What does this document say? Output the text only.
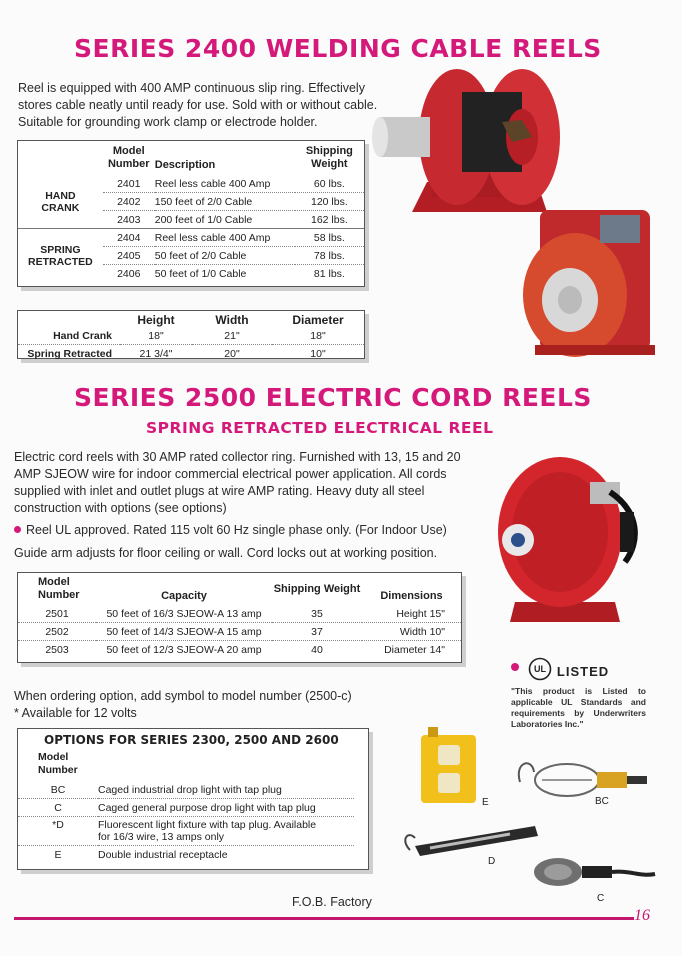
SERIES 2400 WELDING CABLE REELS
Reel is equipped with 400 AMP continuous slip ring. Effectively stores cable neatly until ready for use. Sold with or without cable. Suitable for grounding work clamp or electrode holder.
	Model Number	Description	Shipping Weight
HAND CRANK	2401	Reel less cable 400 Amp	60 lbs.
	2402	150 feet of 2/0 Cable	120 lbs.
	2403	200 feet of 1/0 Cable	162 lbs.
SPRING RETRACTED	2404	Reel less cable 400 Amp	58 lbs.
	2405	50 feet of 2/0 Cable	78 lbs.
	2406	50 feet of 1/0 Cable	81 lbs.
	Height	Width	Diameter
Hand Crank	18"	21"	18"
Spring Retracted	21 3/4"	20"	10"
SERIES 2500 ELECTRIC CORD REELS
SPRING RETRACTED ELECTRICAL REEL
Electric cord reels with 30 AMP rated collector ring. Furnished with 13, 15 and 20 AMP SJEOW wire for indoor commercial electrical power application. All cords supplied with inlet and outlet plugs at wire AMP rating. Heavy duty all steel construction with options (see options)
Reel UL approved. Rated 115 volt 60 Hz single phase only. (For Indoor Use)
Guide arm adjusts for floor ceiling or wall. Cord locks out at working position.
Model Number	Capacity	Shipping Weight	Dimensions
2501	50 feet of 16/3 SJEOW-A 13 amp	35	Height 15"
2502	50 feet of 14/3 SJEOW-A 15 amp	37	Width 10"
2503	50 feet of 12/3 SJEOW-A 20 amp	40	Diameter 14"

UL LISTED
"This product is Listed to applicable UL Standards and requirements by Underwriters Laboratories Inc."
When ordering option, add symbol to model number (2500-c)
* Available for 12 volts
OPTIONS FOR SERIES 2300, 2500 AND 2600
Model Number
BC	Caged industrial drop light with tap plug
C	Caged general purpose drop light with tap plug
*D	Fluorescent light fixture with tap plug. Available for 16/3 wire, 13 amps only
E	Double industrial receptacle
E	BC
D
C
F.O.B. Factory
16
